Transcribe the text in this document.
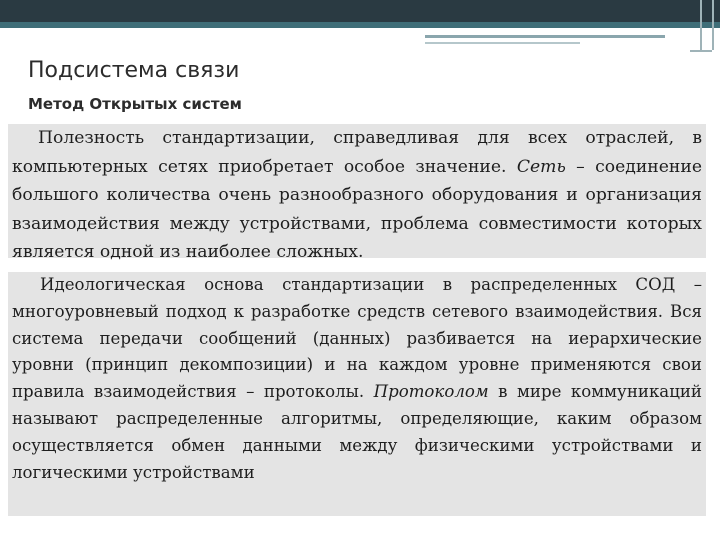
Подсистема связи
Метод Открытых систем
Полезность стандартизации, справедливая для всех отраслей, в компьютерных сетях приобретает особое значение. Сеть – соединение большого количества очень разнообразного оборудования и организация взаимодействия между устройствами, проблема совместимости которых является одной из наиболее сложных.
Идеологическая основа стандартизации в распределенных СОД – многоуровневый подход к разработке средств сетевого взаимодействия. Вся система передачи сообщений (данных) разбивается на иерархические уровни (принцип декомпозиции) и на каждом уровне применяются свои правила взаимодействия – протоколы. Протоколом в мире коммуникаций называют распределенные алгоритмы, определяющие, каким образом осуществляется обмен данными между физическими устройствами и логическими устройствами
